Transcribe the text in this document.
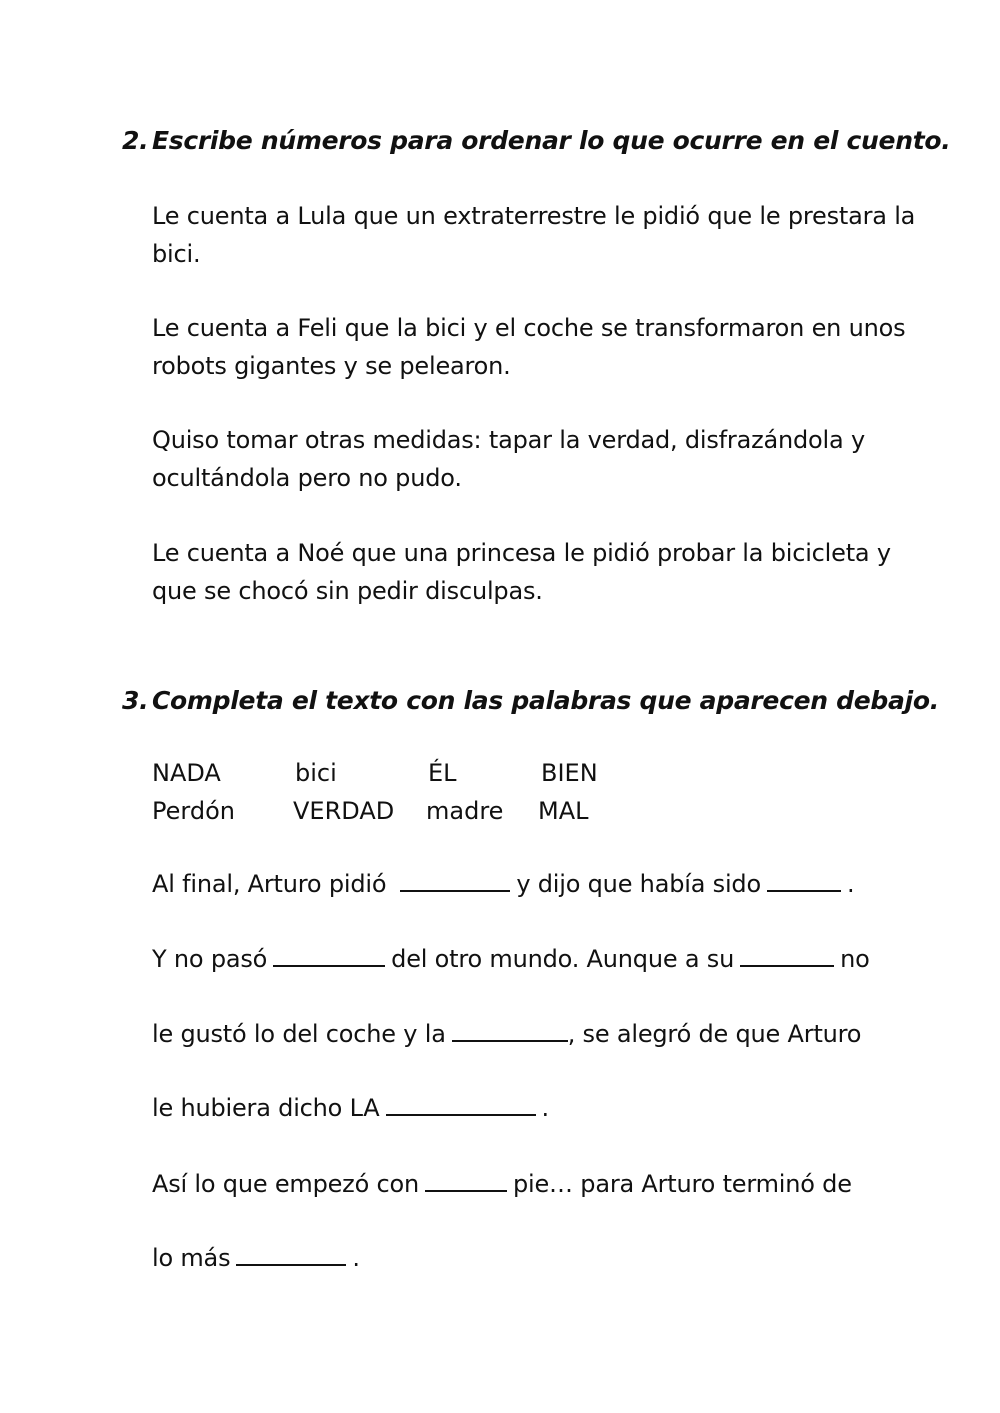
2. Escribe números para ordenar lo que ocurre en el cuento.
Le cuenta a Lula que un extraterrestre le pidió que le prestara la bici.
Le cuenta a Feli que la bici y el coche se transformaron en unos robots gigantes y se pelearon.
Quiso tomar otras medidas: tapar la verdad, disfrazándola y ocultándola pero no pudo.
Le cuenta a Noé que una princesa le pidió probar la bicicleta y que se chocó sin pedir disculpas.
3. Completa el texto con las palabras que aparecen debajo.
NADA	bici	ÉL	BIEN
Perdón VERDAD madre MAL
Al final, Arturo pidió	y dijo que había sido	.
Y no pasó	del otro mundo. Aunque a su	no
le gustó lo del coche y la	, se alegró de que Arturo
le hubiera dicho LA	.
Así lo que empezó con	pie… para Arturo terminó de
lo más	.
